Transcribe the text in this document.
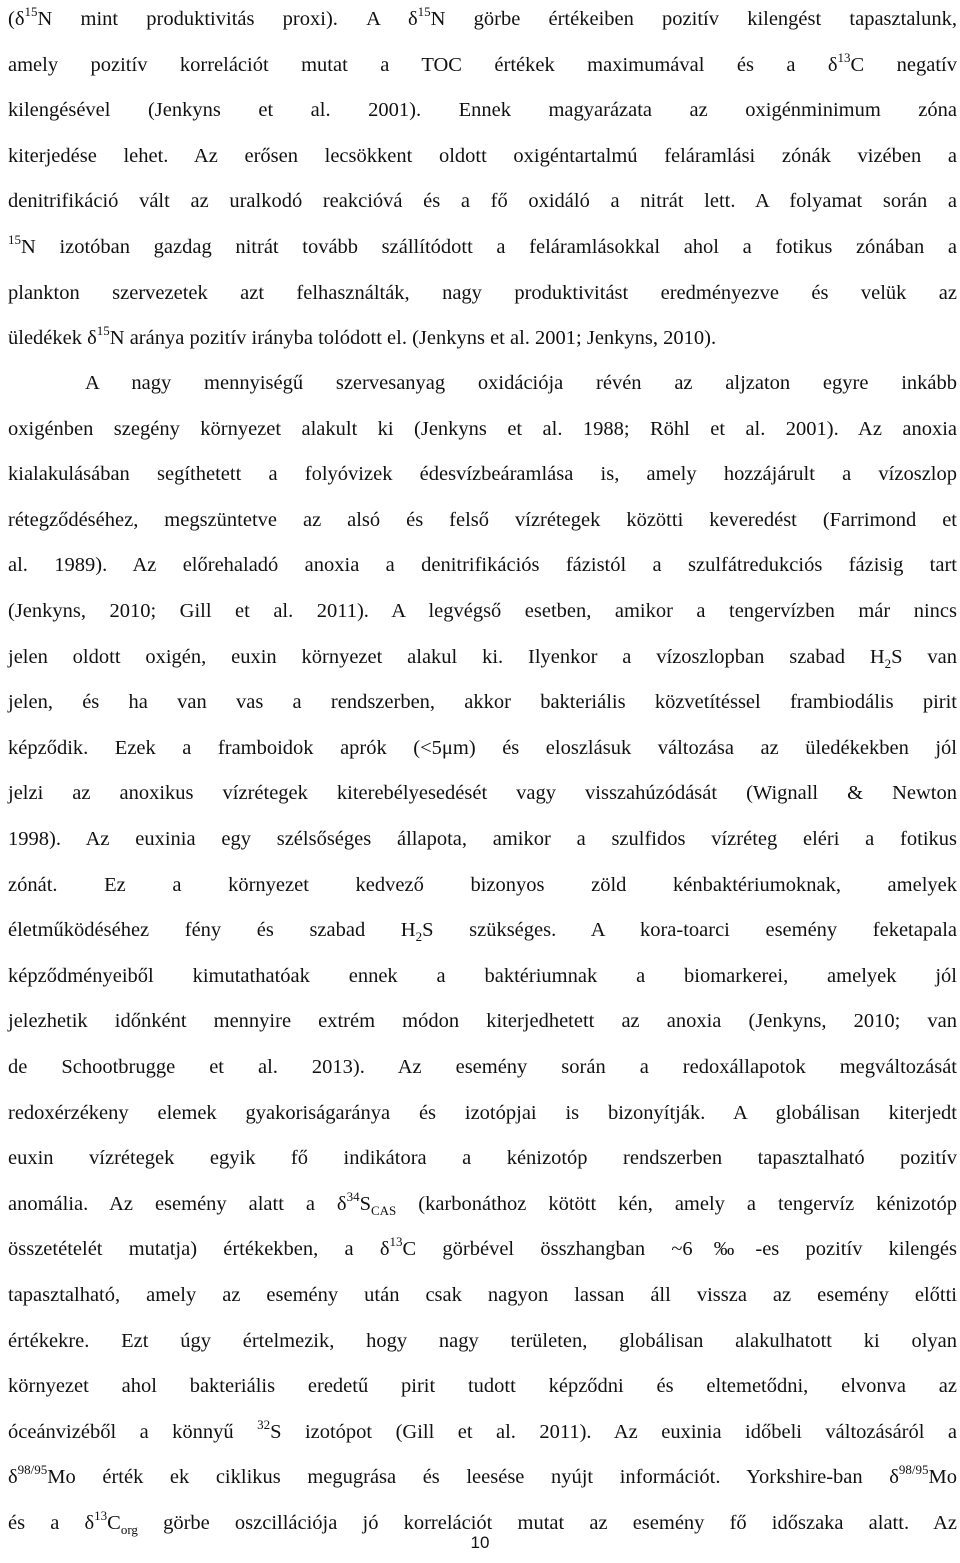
($\delta^{15}N$ mint produktivitás proxi). A $\delta^{15}N$ görbe értékeiben pozitív kilengést tapasztalunk,
amely pozitív korrelációt mutat a TOC értékek maximumával és a $\delta^{13}C$ negatív
kilengésével (Jenkyns et al. 2001). Ennek magyarázata az oxigénminimum zóna
kiterjedése lehet. Az erősen lecsökkent oldott oxigéntartalmú feláramlási zónák vizében a
denitrifikáció vált az uralkodó reakcióvá és a fő oxidáló a nitrát lett. A folyamat során a
$^{15}$N izotóban gazdag nitrát tovább szállítódott a feláramlásokkal ahol a fotikus zónában a
plankton szervezetek azt felhasználták, nagy produktivitást eredményezve és velük az
üledékek $\delta^{15}N$ aránya pozitív irányba tolódott el. (Jenkyns et al. 2001; Jenkyns, 2010).
A nagy mennyiségű szervesanyag oxidációja révén az aljzaton egyre inkább
oxigénben szegény környezet alakult ki (Jenkyns et al. 1988; Röhl et al. 2001). Az anoxia
kialakulásában segíthetett a folyóvizek édesvízbeáramlása is, amely hozzájárult a vízoszlop
rétegződéséhez, megszüntetve az alsó és felső vízrétegek közötti keveredést (Farrimond et
al. 1989). Az előrehaladó anoxia a denitrifikációs fázistól a szulfátredukciós fázisig tart
(Jenkyns, 2010; Gill et al. 2011). A legvégső esetben, amikor a tengervízben már nincs
jelen oldott oxigén, euxin környezet alakul ki. Ilyenkor a vízoszlopban szabad $H_2S$ van
jelen, és ha van vas a rendszerben, akkor bakteriális közvetítéssel frambiodális pirit
képződik. Ezek a framboidok aprók (<5μm) és eloszlásuk változása az üledékekben jól
jelzi az anoxikus vízrétegek kiterebélyesedését vagy visszahúzódását (Wignall & Newton
1998). Az euxinia egy szélsőséges állapota, amikor a szulfidos vízréteg eléri a fotikus
zónát. Ez a környezet kedvező bizonyos zöld kénbaktériumoknak, amelyek
életműködéséhez fény és szabad $H_2S$ szükséges. A kora-toarci esemény feketapala
képződményeiből kimutathatóak ennek a baktériumnak a biomarkerei, amelyek jól
jelezhetik időnként mennyire extrém módon kiterjedhetett az anoxia (Jenkyns, 2010; van
de Schootbrugge et al. 2013). Az esemény során a redoxállapotok megváltozását
redoxérzékeny elemek gyakoriságaránya és izotópjai is bizonyítják. A globálisan kiterjedt
euxin vízrétegek egyik fő indikátora a kénizotóp rendszerben tapasztalható pozitív
anomália. Az esemény alatt a $\delta^{34}S_{CAS}$ (karbonáthoz kötött kén, amely a tengervíz kénizotóp
összetételét mutatja) értékekben, a $\delta^{13}C$ görbével összhangban ~6‰-es pozitív kilengés
tapasztalható, amely az esemény után csak nagyon lassan áll vissza az esemény előtti
értékekre. Ezt úgy értelmezik, hogy nagy területen, globálisan alakulhatott ki olyan
környezet ahol bakteriális eredetű pirit tudott képződni és eltemetődni, elvonva az
óceánvizéből a könnyű $^{32}$S izotópot (Gill et al. 2011). Az euxinia időbeli változásáról a
$\delta^{98/95}Mo$ érték ek ciklikus megugrása és leesése nyújt információt. Yorkshire-ban $\delta^{98/95}Mo$
és a $\delta^{13}C_{org}$ görbe oszcillációja jó korrelációt mutat az esemény fő időszaka alatt. Az
10
